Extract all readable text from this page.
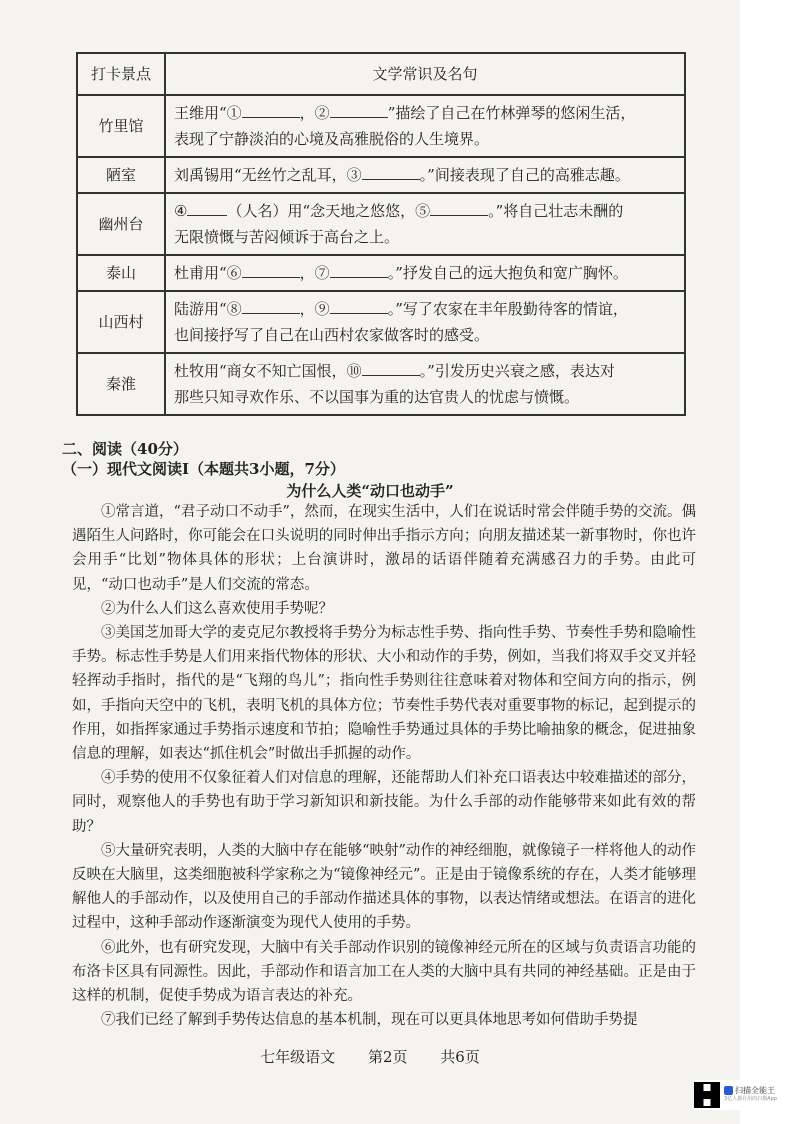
打卡景点	文学常识及名句
竹里馆	王维用“① ，② ”描绘了自己在竹林弹琴的悠闲生活，
表现了宁静淡泊的心境及高雅脱俗的人生境界。
陋室	刘禹锡用“无丝竹之乱耳，③ 。”间接表现了自己的高雅志趣。
幽州台	④ （人名）用“念天地之悠悠，⑤ 。”将自己壮志未酬的
无限愤慨与苦闷倾诉于高台之上。
泰山	杜甫用“⑥ ，⑦ 。”抒发自己的远大抱负和宽广胸怀。
山西村	陆游用“⑧ ，⑨ 。”写了农家在丰年殷勤待客的情谊，
也间接抒写了自己在山西村农家做客时的感受。
秦淮	杜牧用“商女不知亡国恨，⑩ 。”引发历史兴衰之感，表达对
那些只知寻欢作乐、不以国事为重的达官贵人的忧虑与愤慨。
二、阅读（40分）
（一）现代文阅读Ⅰ（本题共3小题，7分）
为什么人类“动口也动手”

①常言道，“君子动口不动手”，然而，在现实生活中，人们在说话时常会伴随手势的交流。偶遇陌生人问路时，你可能会在口头说明的同时伸出手指示方向；向朋友描述某一新事物时，你也许会用手“比划”物体具体的形状；上台演讲时，激昂的话语伴随着充满感召力的手势。由此可见，“动口也动手”是人们交流的常态。

②为什么人们这么喜欢使用手势呢？

③美国芝加哥大学的麦克尼尔教授将手势分为标志性手势、指向性手势、节奏性手势和隐喻性手势。标志性手势是人们用来指代物体的形状、大小和动作的手势，例如，当我们将双手交叉并轻轻挥动手指时，指代的是“飞翔的鸟儿”；指向性手势则往往意味着对物体和空间方向的指示，例如，手指向天空中的飞机，表明飞机的具体方位；节奏性手势代表对重要事物的标记，起到提示的作用，如指挥家通过手势指示速度和节拍；隐喻性手势通过具体的手势比喻抽象的概念，促进抽象信息的理解，如表达“抓住机会”时做出手抓握的动作。

④手势的使用不仅象征着人们对信息的理解，还能帮助人们补充口语表达中较难描述的部分，同时，观察他人的手势也有助于学习新知识和新技能。为什么手部的动作能够带来如此有效的帮助？

⑤大量研究表明，人类的大脑中存在能够“映射”动作的神经细胞，就像镜子一样将他人的动作反映在大脑里，这类细胞被科学家称之为“镜像神经元”。正是由于镜像系统的存在，人类才能够理解他人的手部动作，以及使用自己的手部动作描述具体的事物，以表达情绪或想法。在语言的进化过程中，这种手部动作逐渐演变为现代人使用的手势。

⑥此外，也有研究发现，大脑中有关手部动作识别的镜像神经元所在的区域与负责语言功能的布洛卡区具有同源性。因此，手部动作和语言加工在人类的大脑中具有共同的神经基础。正是由于这样的机制，促使手势成为语言表达的补充。

⑦我们已经了解到手势传达信息的基本机制，现在可以更具体地思考如何借助手势提

七年级语文 第2页 共6页
扫描全能王
3亿人都在用的扫描App
